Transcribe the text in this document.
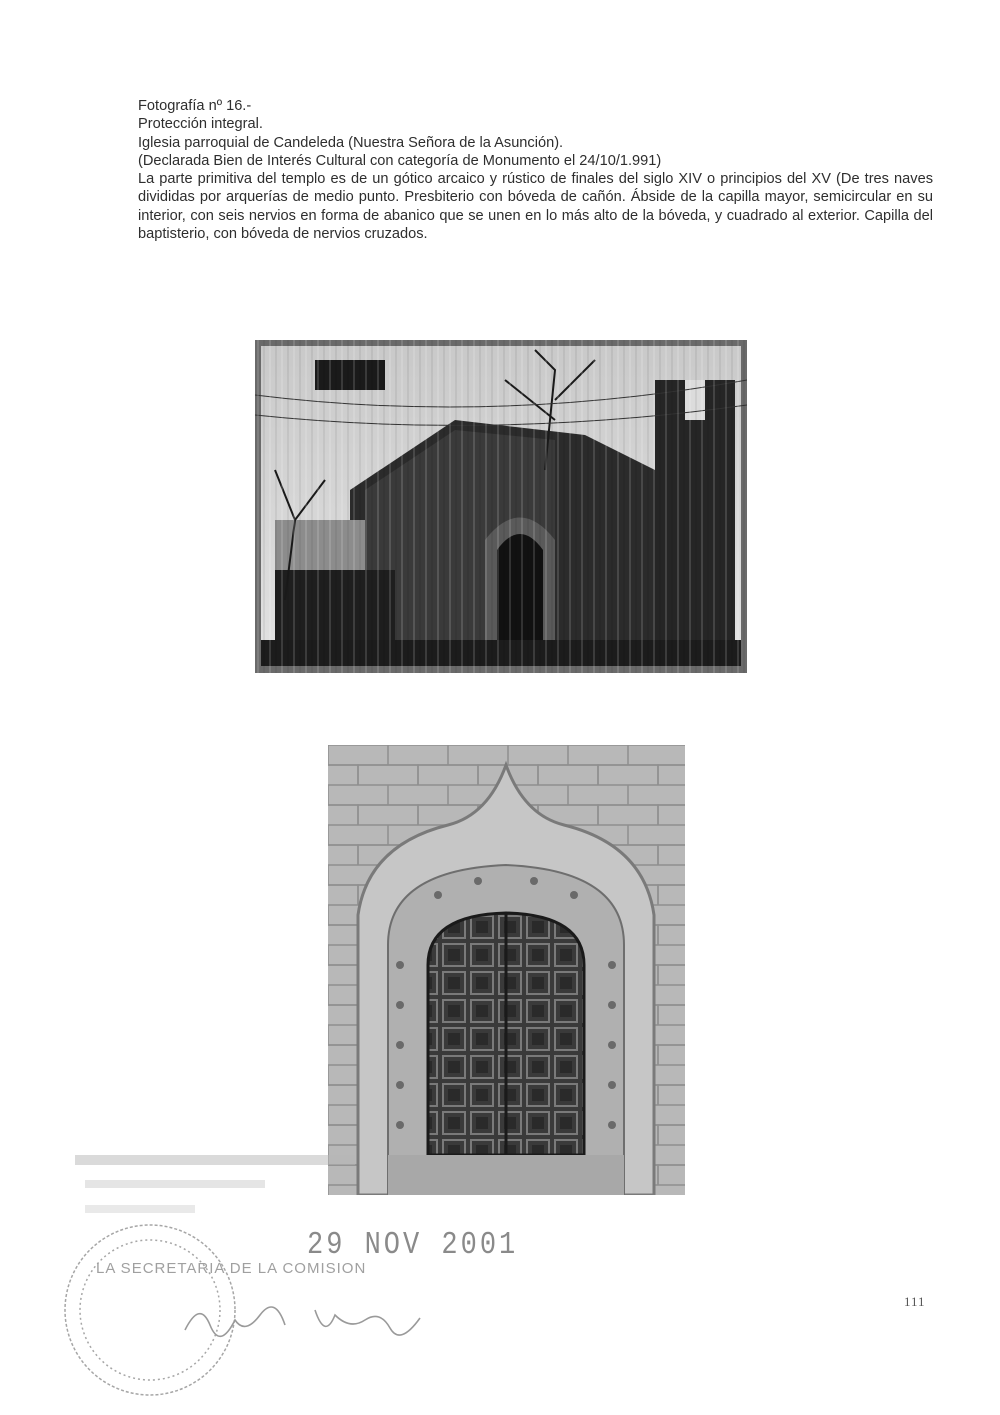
Fotografía nº 16.-

Protección integral.

Iglesia parroquial de Candeleda (Nuestra Señora de la Asunción).

(Declarada Bien de Interés Cultural con categoría de Monumento el 24/10/1.991)

La parte primitiva del templo es de un gótico arcaico y rústico de finales del siglo XIV o principios del XV (De tres naves divididas por arquerías de medio punto. Presbiterio con bóveda de cañón. Ábside de la capilla mayor, semicircular en su interior, con seis nervios en forma de abanico que se unen en lo más alto de la bóveda, y cuadrado al exterior. Capilla del baptisterio, con bóveda de nervios cruzados.

29 NOV 2001
LA SECRETARIA DE LA COMISION
111
